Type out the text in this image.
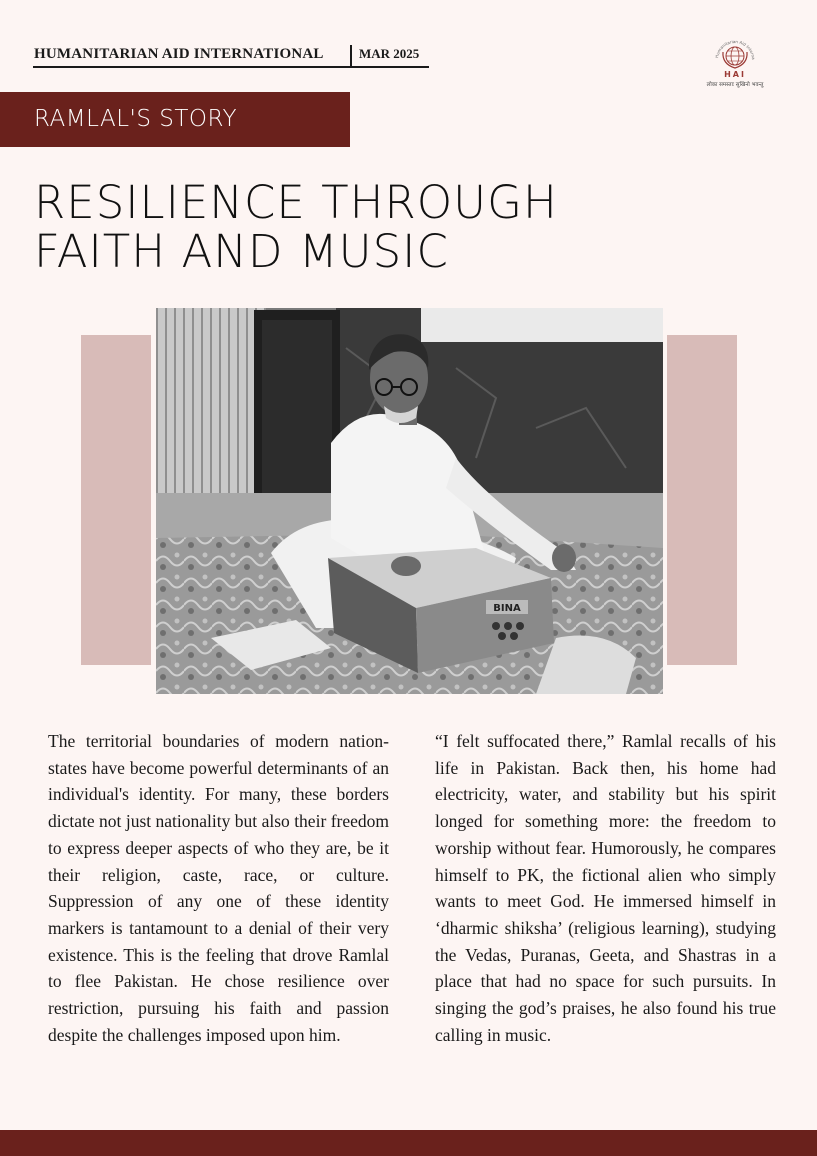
HUMANITARIAN AID INTERNATIONAL	MAR 2025	Humanitarian Aid Interna
HAI
लोका समस्ताः सुखिनो भवन्तु
RAMLAL'S STORY
RESILIENCE THROUGH
FAITH AND MUSIC
BINA

The territorial boundaries of modern nation-states have become powerful determinants of an individual's identity. For many, these borders dictate not just nationality but also their freedom to express deeper aspects of who they are, be it their religion, caste, race, or culture. Suppression of any one of these identity markers is tantamount to a denial of their very existence. This is the feeling that drove Ramlal to flee Pakistan. He chose resilience over restriction, pursuing his faith and passion despite the challenges imposed upon him.

“I felt suffocated there,” Ramlal recalls of his life in Pakistan. Back then, his home had electricity, water, and stability but his spirit longed for something more: the freedom to worship without fear. Humorously, he compares himself to PK, the fictional alien who simply wants to meet God. He immersed himself in ‘dharmic shiksha’ (religious learning), studying the Vedas, Puranas, Geeta, and Shastras in a place that had no space for such pursuits. In singing the god’s praises, he also found his true calling in music.
